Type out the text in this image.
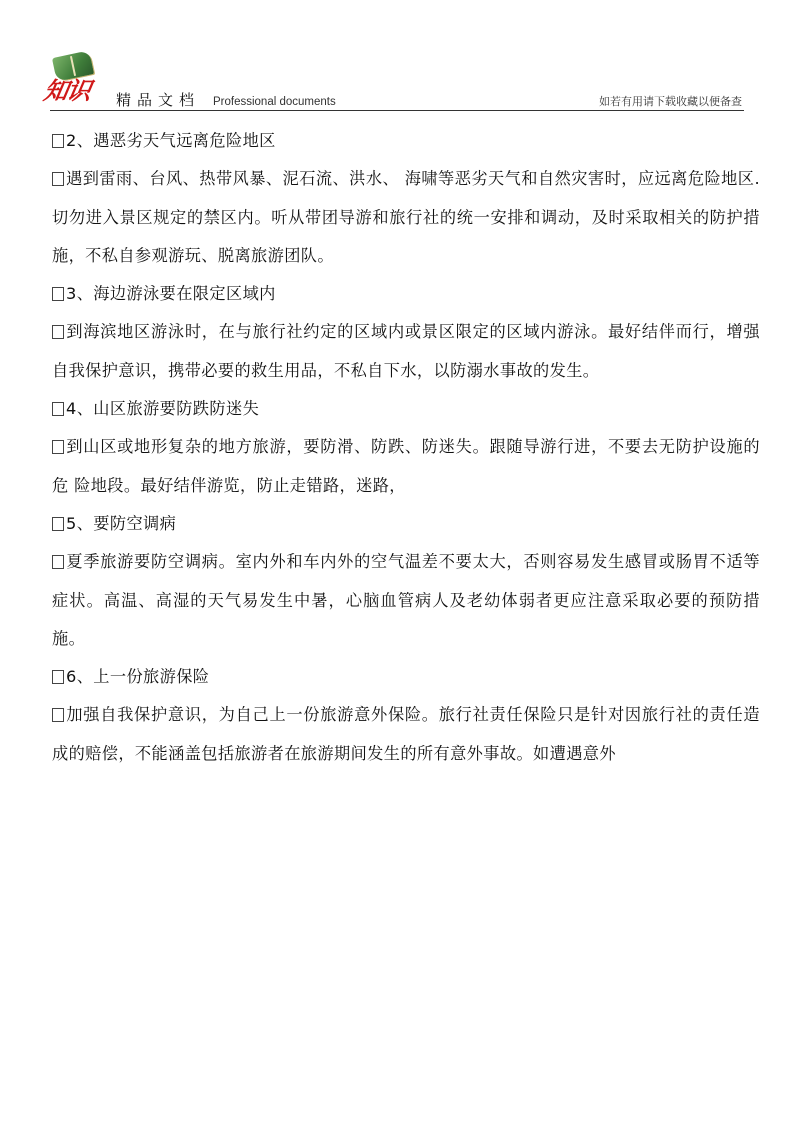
知识	精品文档 Professional documents	如若有用请下载收藏以便备查

2、遇恶劣天气远离危险地区

遇到雷雨、台风、热带风暴、泥石流、洪水、 海啸等恶劣天气和自然灾害时，应远离危险地区.切勿进入景区规定的禁区内。听从带团导游和旅行社的统一安排和调动，及时采取相关的防护措施，不私自参观游玩、脱离旅游团队。

3、海边游泳要在限定区域内

到海滨地区游泳时，在与旅行社约定的区域内或景区限定的区域内游泳。最好结伴而行，增强自我保护意识，携带必要的救生用品，不私自下水，以防溺水事故的发生。

4、山区旅游要防跌防迷失

到山区或地形复杂的地方旅游，要防滑、防跌、防迷失。跟随导游行进，不要去无防护设施的危 险地段。最好结伴游览，防止走错路，迷路，

5、要防空调病

夏季旅游要防空调病。室内外和车内外的空气温差不要太大，否则容易发生感冒或肠胃不适等症状。高温、高湿的天气易发生中暑，心脑血管病人及老幼体弱者更应注意采取必要的预防措施。

6、上一份旅游保险

加强自我保护意识，为自己上一份旅游意外保险。旅行社责任保险只是针对因旅行社的责任造成的赔偿，不能涵盖包括旅游者在旅游期间发生的所有意外事故。如遭遇意外
